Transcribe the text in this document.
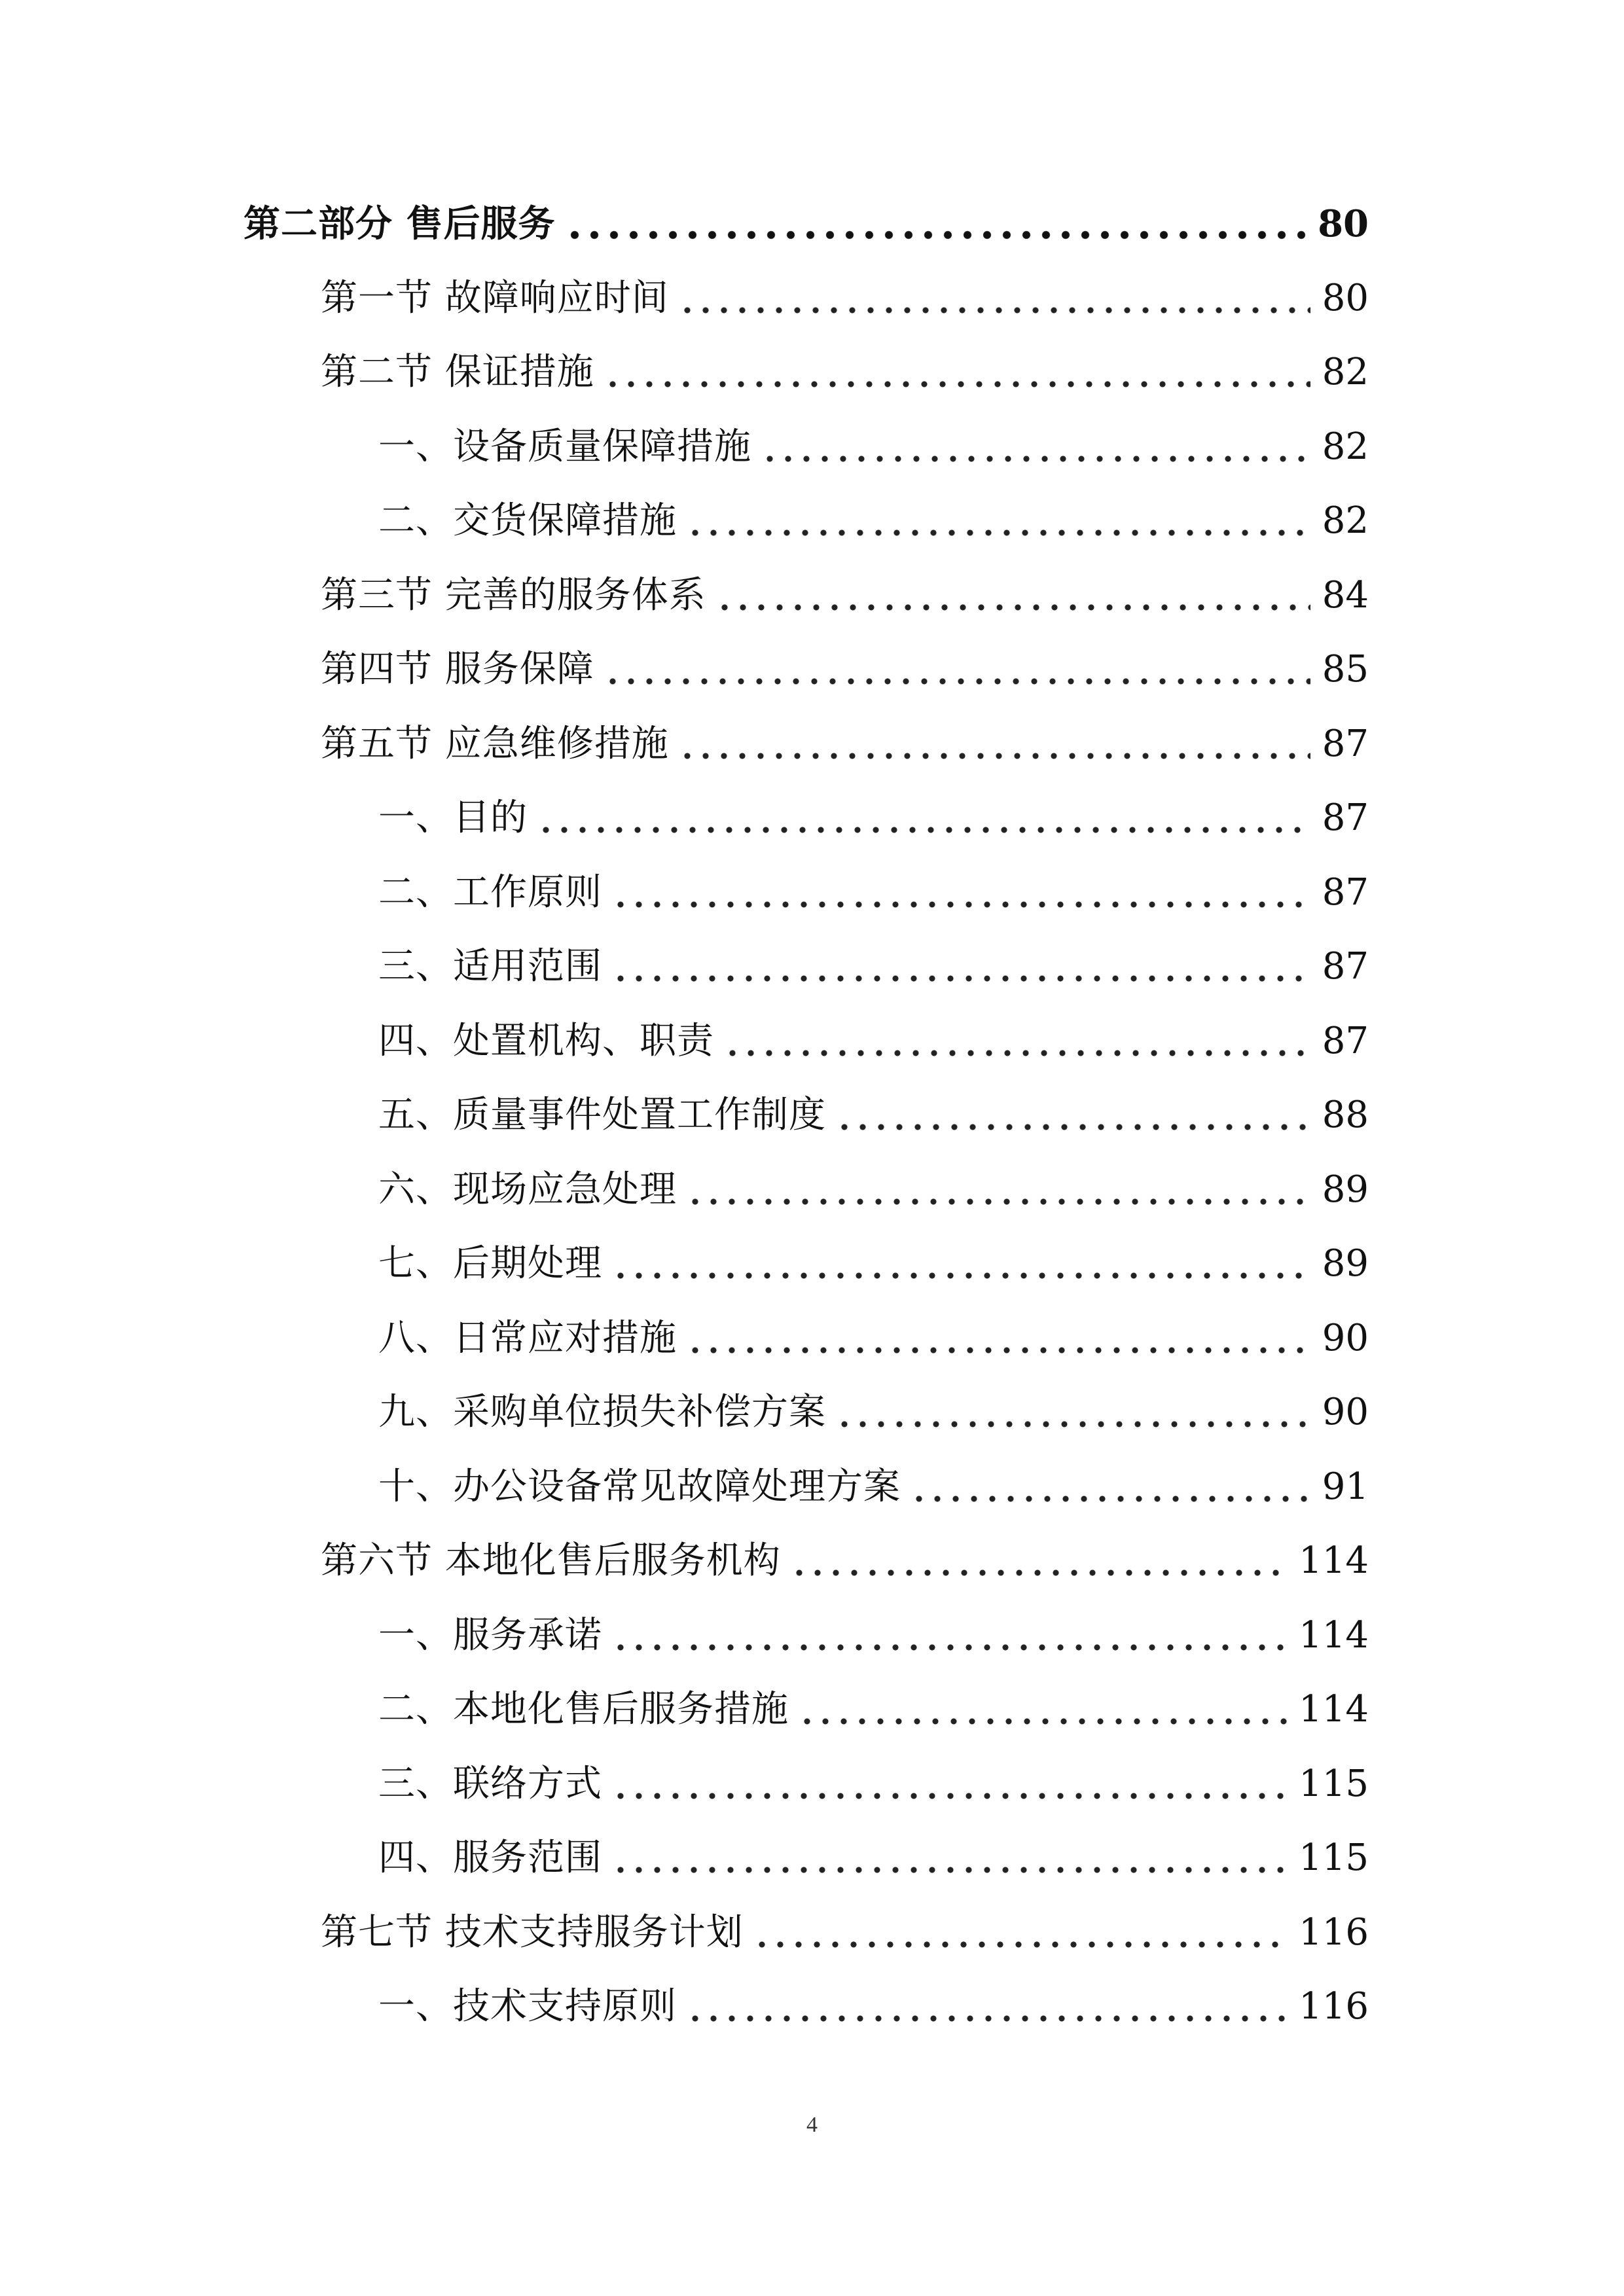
第二部分 售后服务	80
第一节 故障响应时间	80
第二节 保证措施	82
一、设备质量保障措施	82
二、交货保障措施	82
第三节 完善的服务体系	84
第四节 服务保障	85
第五节 应急维修措施	87
一、目的	87
二、工作原则	87
三、适用范围	87
四、处置机构、职责	87
五、质量事件处置工作制度	88
六、现场应急处理	89
七、后期处理	89
八、日常应对措施	90
九、采购单位损失补偿方案	90
十、办公设备常见故障处理方案	91
第六节 本地化售后服务机构	114
一、服务承诺	114
二、本地化售后服务措施	114
三、联络方式	115
四、服务范围	115
第七节 技术支持服务计划	116
一、技术支持原则	116
4
